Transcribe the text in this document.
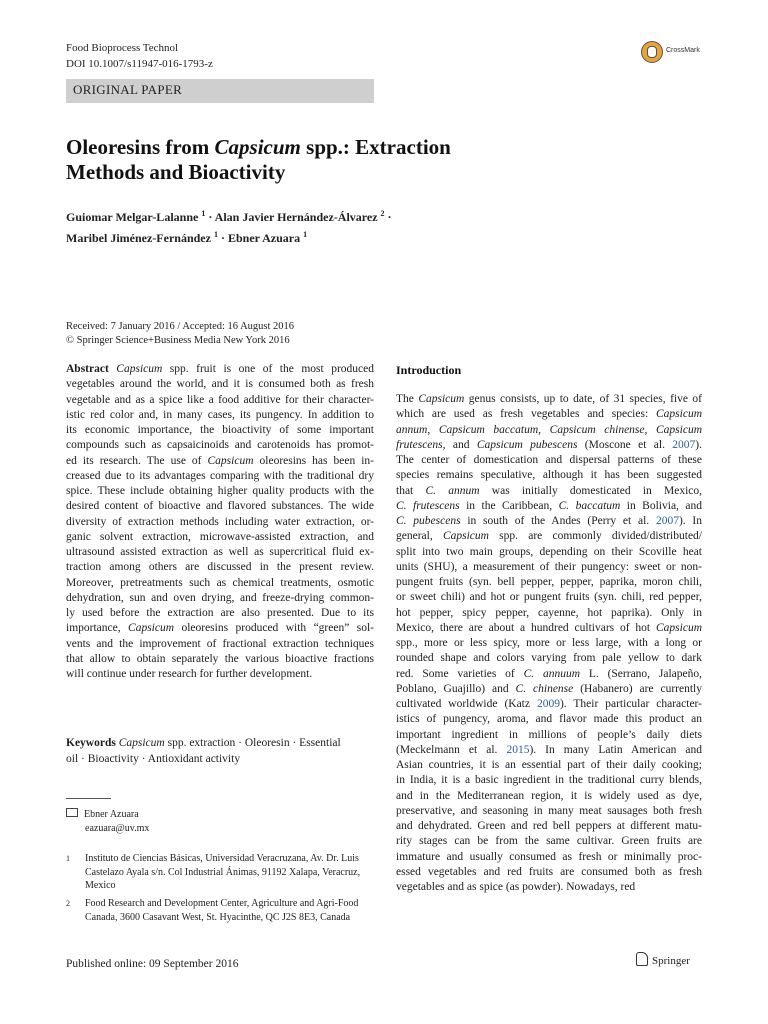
Food Bioprocess Technol
DOI 10.1007/s11947-016-1793-z
CrossMark
ORIGINAL PAPER
Oleoresins from Capsicum spp.: Extraction
Methods and Bioactivity
Guiomar Melgar-Lalanne $^1$ · Alan Javier Hernández-Álvarez $^2$ ·
Maribel Jiménez-Fernández $^1$ · Ebner Azuara $^1$
Received: 7 January 2016 / Accepted: 16 August 2016
© Springer Science+Business Media New York 2016
Abstract Capsicum spp. fruit is one of the most produced
vegetables around the world, and it is consumed both as fresh
vegetable and as a spice like a food additive for their character-
istic red color and, in many cases, its pungency. In addition to
its economic importance, the bioactivity of some important
compounds such as capsaicinoids and carotenoids has promot-
ed its research. The use of Capsicum oleoresins has been in-
creased due to its advantages comparing with the traditional dry
spice. These include obtaining higher quality products with the
desired content of bioactive and flavored substances. The wide
diversity of extraction methods including water extraction, or-
ganic solvent extraction, microwave-assisted extraction, and
ultrasound assisted extraction as well as supercritical fluid ex-
traction among others are discussed in the present review.
Moreover, pretreatments such as chemical treatments, osmotic
dehydration, sun and oven drying, and freeze-drying common-
ly used before the extraction are also presented. Due to its
importance, Capsicum oleoresins produced with “green” sol-
vents and the improvement of fractional extraction techniques
that allow to obtain separately the various bioactive fractions
will continue under research for further development.
Introduction
The Capsicum genus consists, up to date, of 31 species, five of
which are used as fresh vegetables and species: Capsicum
annum, Capsicum baccatum, Capsicum chinense, Capsicum
frutescens, and Capsicum pubescens (Moscone et al. 2007).
The center of domestication and dispersal patterns of these
species remains speculative, although it has been suggested
that C. annum was initially domesticated in Mexico,
C. frutescens in the Caribbean, C. baccatum in Bolivia, and
C. pubescens in south of the Andes (Perry et al. 2007). In
general, Capsicum spp. are commonly divided/distributed/
split into two main groups, depending on their Scoville heat
units (SHU), a measurement of their pungency: sweet or non-
pungent fruits (syn. bell pepper, pepper, paprika, moron chili,
or sweet chili) and hot or pungent fruits (syn. chili, red pepper,
hot pepper, spicy pepper, cayenne, hot paprika). Only in
Mexico, there are about a hundred cultivars of hot Capsicum
spp., more or less spicy, more or less large, with a long or
rounded shape and colors varying from pale yellow to dark
red. Some varieties of C. annuum L. (Serrano, Jalapeño,
Poblano, Guajillo) and C. chinense (Habanero) are currently
cultivated worldwide (Katz 2009). Their particular character-
istics of pungency, aroma, and flavor made this product an
important ingredient in millions of people’s daily diets
(Meckelmann et al. 2015). In many Latin American and
Asian countries, it is an essential part of their daily cooking;
in India, it is a basic ingredient in the traditional curry blends,
and in the Mediterranean region, it is widely used as dye,
preservative, and seasoning in many meat sausages both fresh
and dehydrated. Green and red bell peppers at different matu-
rity stages can be from the same cultivar. Green fruits are
immature and usually consumed as fresh or minimally proc-
essed vegetables and red fruits are consumed both as fresh
vegetables and as spice (as powder). Nowadays, red
Keywords Capsicum spp. extraction · Oleoresin · Essential
oil · Bioactivity · Antioxidant activity
Ebner Azuara
eazuara@uv.mx
1 Instituto de Ciencias Básicas, Universidad Veracruzana, Av. Dr. Luis Castelazo Ayala s/n. Col Industrial Ánimas, 91192 Xalapa, Veracruz, Mexico
2 Food Research and Development Center, Agriculture and Agri-Food Canada, 3600 Casavant West, St. Hyacinthe, QC J2S 8E3, Canada
Published online: 09 September 2016	Springer
